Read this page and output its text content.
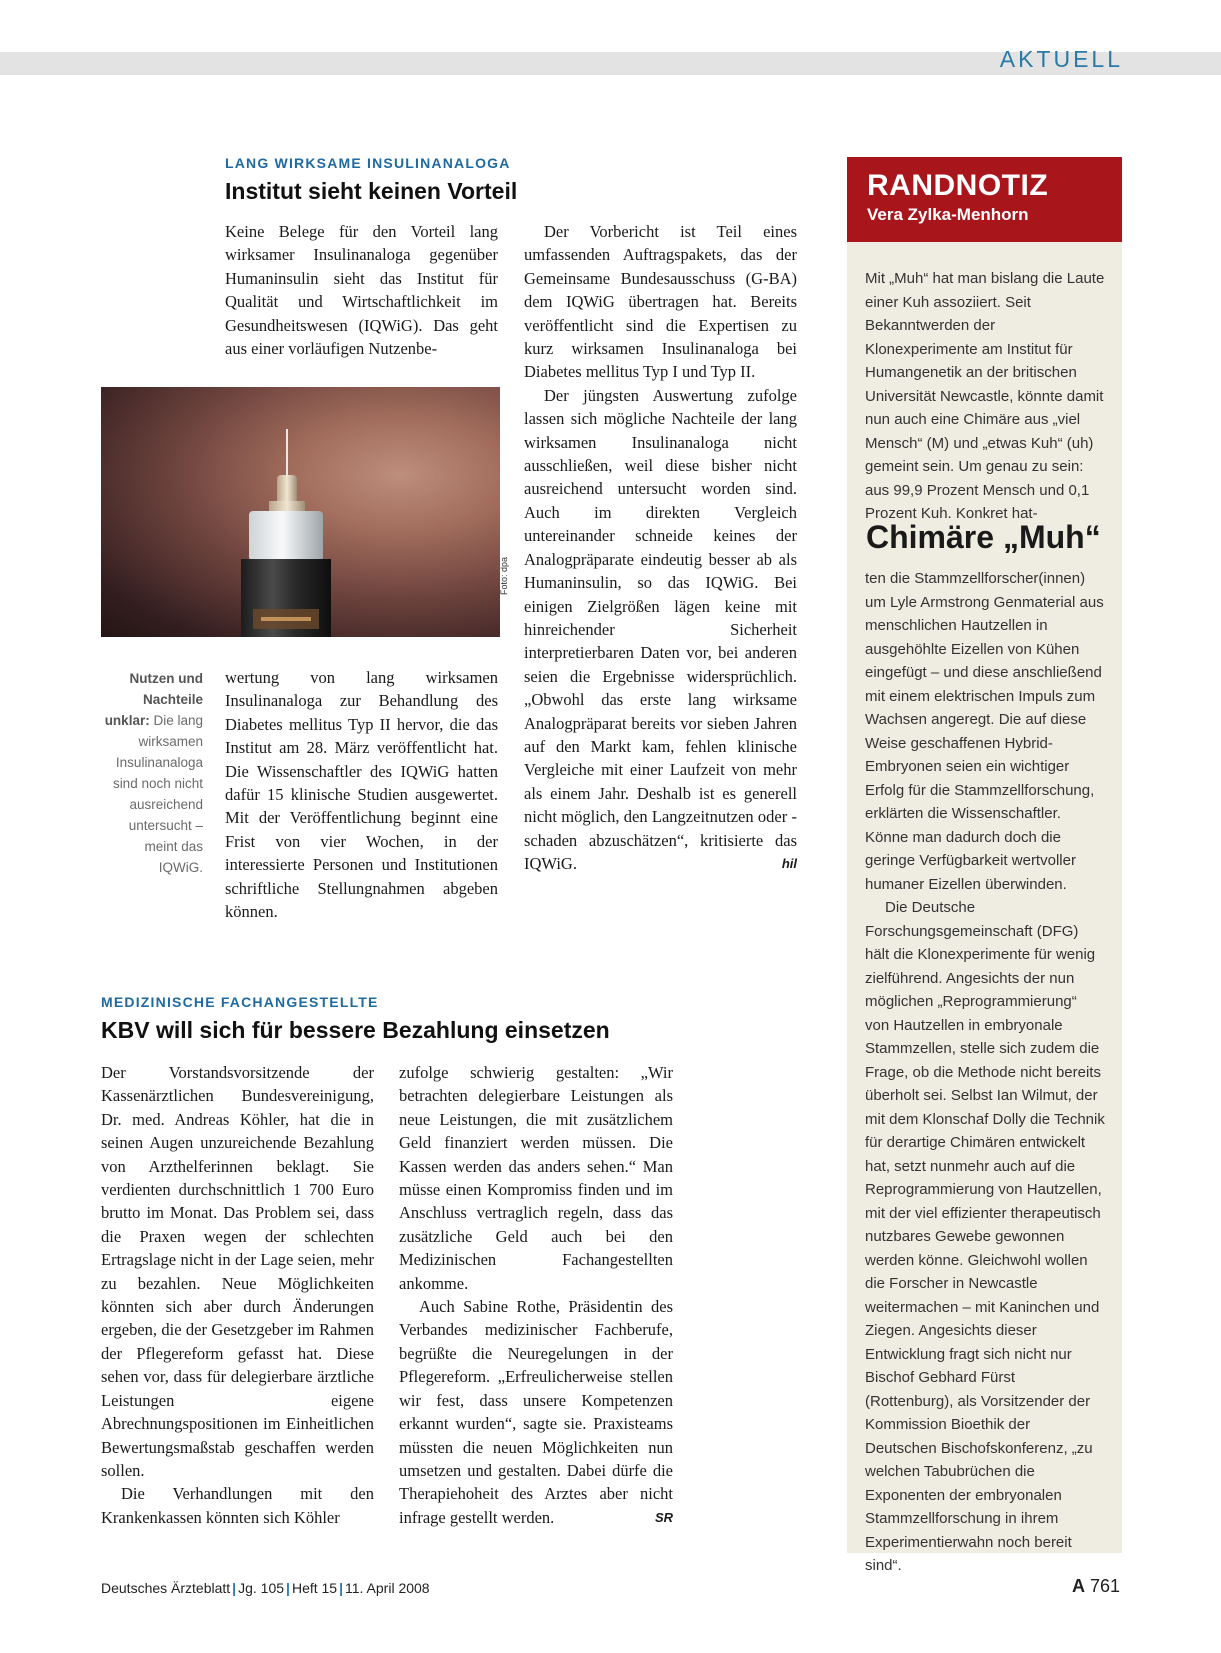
AKTUELL
LANG WIRKSAME INSULINANALOGA
Institut sieht keinen Vorteil

Keine Belege für den Vorteil lang wirksamer Insulinanaloga gegenüber Humaninsulin sieht das Institut für Qualität und Wirtschaftlichkeit im Gesundheitswesen (IQWiG). Das geht aus einer vorläufigen Nutzenbe-

Foto: dpa
Nutzen und Nachteile unklar: Die lang wirksamen Insulinanaloga sind noch nicht ausreichend untersucht – meint das IQWiG.

wertung von lang wirksamen Insulinanaloga zur Behandlung des Diabetes mellitus Typ II hervor, die das Institut am 28. März veröffentlicht hat. Die Wissenschaftler des IQWiG hatten dafür 15 klinische Studien ausgewertet. Mit der Veröffentlichung beginnt eine Frist von vier Wochen, in der interessierte Personen und Institutionen schriftliche Stellungnahmen abgeben können.

Der Vorbericht ist Teil eines umfassenden Auftragspakets, das der Gemeinsame Bundesausschuss (G-BA) dem IQWiG übertragen hat. Bereits veröffentlicht sind die Expertisen zu kurz wirksamen Insulinanaloga bei Diabetes mellitus Typ I und Typ II.

Der jüngsten Auswertung zufolge lassen sich mögliche Nachteile der lang wirksamen Insulinanaloga nicht ausschließen, weil diese bisher nicht ausreichend untersucht worden sind. Auch im direkten Vergleich untereinander schneide keines der Analogpräparate eindeutig besser ab als Humaninsulin, so das IQWiG. Bei einigen Zielgrößen lägen keine mit hinreichender Sicherheit interpretierbaren Daten vor, bei anderen seien die Ergebnisse widersprüchlich. „Obwohl das erste lang wirksame Analogpräparat bereits vor sieben Jahren auf den Markt kam, fehlen klinische Vergleiche mit einer Laufzeit von mehr als einem Jahr. Deshalb ist es generell nicht möglich, den Langzeitnutzen oder -schaden abzuschätzen“, kritisierte das IQWiG.	hil

MEDIZINISCHE FACHANGESTELLTE
KBV will sich für bessere Bezahlung einsetzen

Der Vorstandsvorsitzende der Kassenärztlichen Bundesvereinigung, Dr. med. Andreas Köhler, hat die in seinen Augen unzureichende Bezahlung von Arzthelferinnen beklagt. Sie verdienten durchschnittlich 1 700 Euro brutto im Monat. Das Problem sei, dass die Praxen wegen der schlechten Ertragslage nicht in der Lage seien, mehr zu bezahlen. Neue Möglichkeiten könnten sich aber durch Änderungen ergeben, die der Gesetzgeber im Rahmen der Pflegereform gefasst hat. Diese sehen vor, dass für delegierbare ärztliche Leistungen eigene Abrechnungspositionen im Einheitlichen Bewertungsmaßstab geschaffen werden sollen.

Die Verhandlungen mit den Krankenkassen könnten sich Köhler

zufolge schwierig gestalten: „Wir betrachten delegierbare Leistungen als neue Leistungen, die mit zusätzlichem Geld finanziert werden müssen. Die Kassen werden das anders sehen.“ Man müsse einen Kompromiss finden und im Anschluss vertraglich regeln, dass das zusätzliche Geld auch bei den Medizinischen Fachangestellten ankomme.

Auch Sabine Rothe, Präsidentin des Verbandes medizinischer Fachberufe, begrüßte die Neuregelungen in der Pflegereform. „Erfreulicherweise stellen wir fest, dass unsere Kompetenzen erkannt wurden“, sagte sie. Praxisteams müssten die neuen Möglichkeiten nun umsetzen und gestalten. Dabei dürfe die Therapiehoheit des Arztes aber nicht infrage gestellt werden.	SR

RANDNOTIZ
Vera Zylka-Menhorn

Mit „Muh“ hat man bislang die Laute einer Kuh assoziiert. Seit Bekanntwerden der Klonexperimente am Institut für Humangenetik an der britischen Universität Newcastle, könnte damit nun auch eine Chimäre aus „viel Mensch“ (M) und „etwas Kuh“ (uh) gemeint sein. Um genau zu sein: aus 99,9 Prozent Mensch und 0,1 Prozent Kuh. Konkret hat-

Chimäre „Muh“

ten die Stammzellforscher(innen) um Lyle Armstrong Genmaterial aus menschlichen Hautzellen in ausgehöhlte Eizellen von Kühen eingefügt – und diese anschließend mit einem elektrischen Impuls zum Wachsen angeregt. Die auf diese Weise geschaffenen Hybrid-Embryonen seien ein wichtiger Erfolg für die Stammzellforschung, erklärten die Wissenschaftler. Könne man dadurch doch die geringe Verfügbarkeit wertvoller humaner Eizellen überwinden.

Die Deutsche Forschungsgemeinschaft (DFG) hält die Klonexperimente für wenig zielführend. Angesichts der nun möglichen „Reprogrammierung“ von Hautzellen in embryonale Stammzellen, stelle sich zudem die Frage, ob die Methode nicht bereits überholt sei. Selbst Ian Wilmut, der mit dem Klonschaf Dolly die Technik für derartige Chimären entwickelt hat, setzt nunmehr auch auf die Reprogrammierung von Hautzellen, mit der viel effizienter therapeutisch nutzbares Gewebe gewonnen werden könne. Gleichwohl wollen die Forscher in Newcastle weitermachen – mit Kaninchen und Ziegen. Angesichts dieser Entwicklung fragt sich nicht nur Bischof Gebhard Fürst (Rottenburg), als Vorsitzender der Kommission Bioethik der Deutschen Bischofskonferenz, „zu welchen Tabubrüchen die Exponenten der embryonalen Stammzellforschung in ihrem Experimentierwahn noch bereit sind“.

Deutsches Ärzteblatt | Jg. 105 | Heft 15 | 11. April 2008	A 761
